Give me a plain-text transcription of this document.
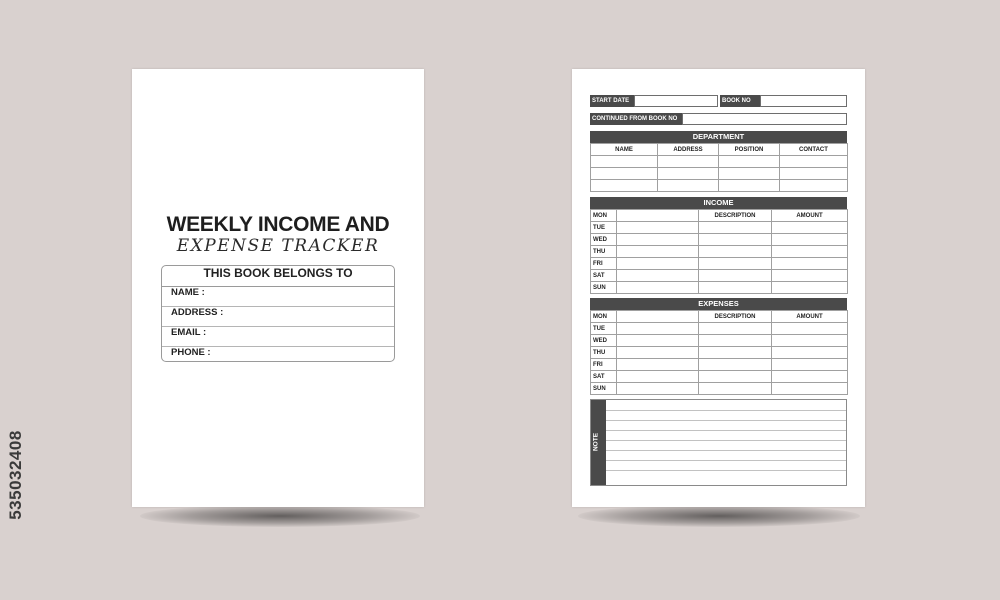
535032408
WEEKLY INCOME AND
EXPENSE TRACKER
THIS BOOK BELONGS TO
NAME :
ADDRESS :
EMAIL :
PHONE :
START DATE	BOOK NO
CONTINUED FROM BOOK NO
DEPARTMENT
NAME	ADDRESS	POSITION	CONTACT

INCOME
MON		DESCRIPTION	AMOUNT
TUE			
WED			
THU			
FRI			
SAT			
SUN			
EXPENSES
MON		DESCRIPTION	AMOUNT
TUE			
WED			
THU			
FRI			
SAT			
SUN			
NOTE
